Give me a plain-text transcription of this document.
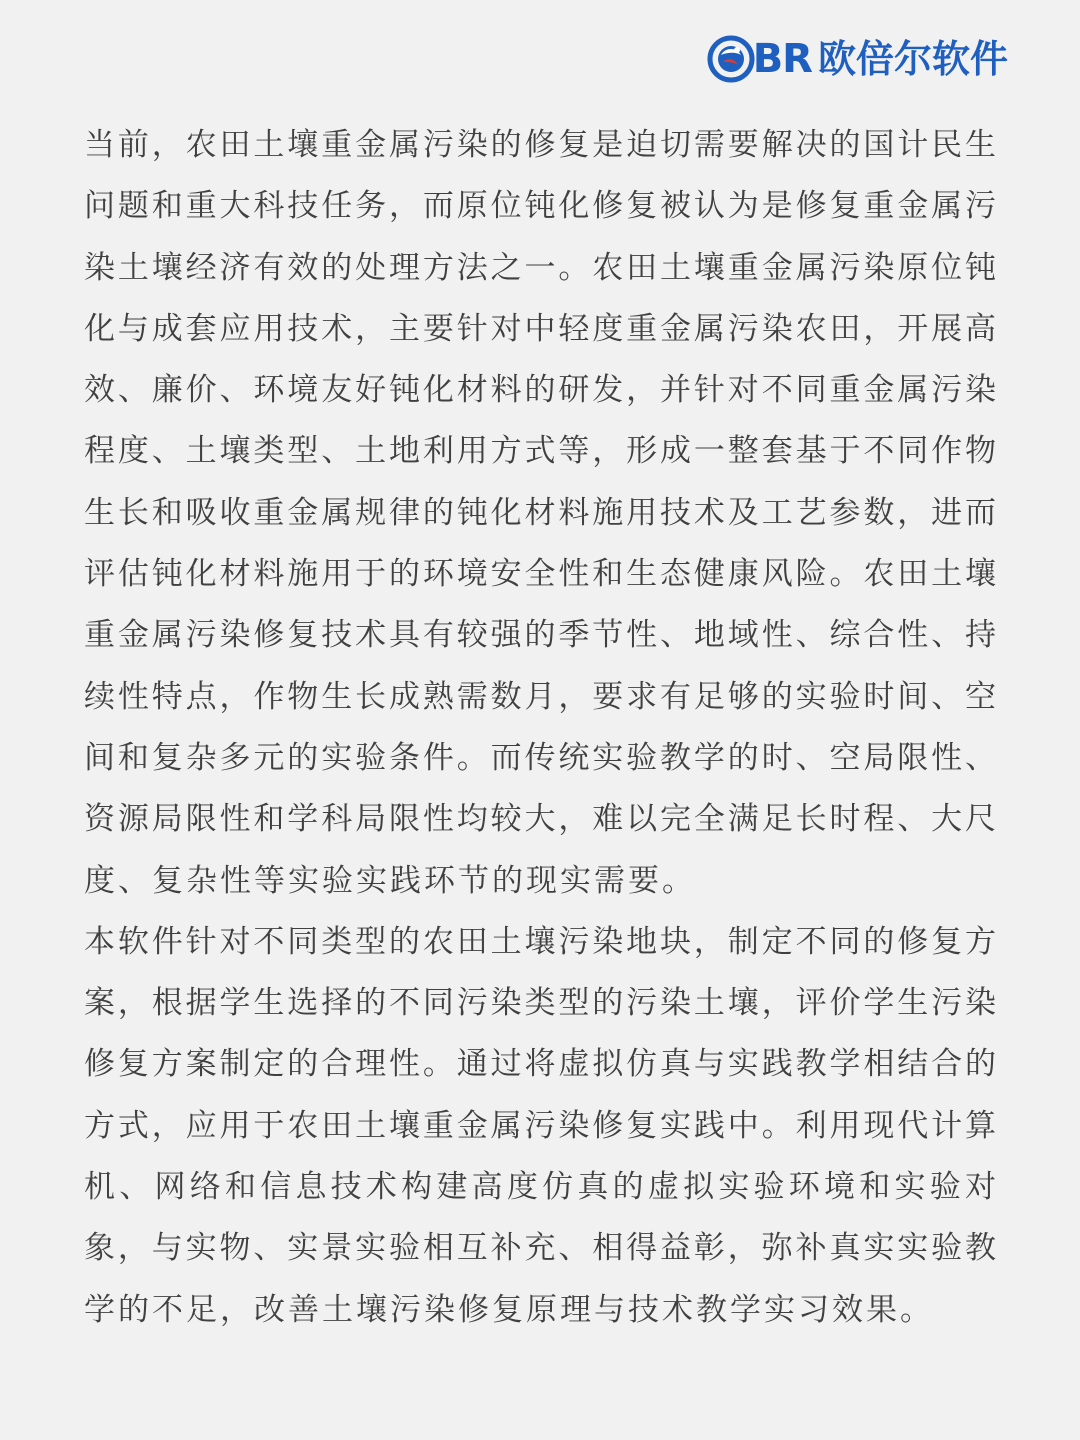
BR 欧倍尔软件
当前，农田土壤重金属污染的修复是迫切需要解决的国计民生
问题和重大科技任务，而原位钝化修复被认为是修复重金属污
染土壤经济有效的处理方法之一。农田土壤重金属污染原位钝
化与成套应用技术，主要针对中轻度重金属污染农田，开展高
效、廉价、环境友好钝化材料的研发，并针对不同重金属污染
程度、土壤类型、土地利用方式等，形成一整套基于不同作物
生长和吸收重金属规律的钝化材料施用技术及工艺参数，进而
评估钝化材料施用于的环境安全性和生态健康风险。农田土壤
重金属污染修复技术具有较强的季节性、地域性、综合性、持
续性特点，作物生长成熟需数月，要求有足够的实验时间、空
间和复杂多元的实验条件。而传统实验教学的时、空局限性、
资源局限性和学科局限性均较大，难以完全满足长时程、大尺
度、复杂性等实验实践环节的现实需要。
本软件针对不同类型的农田土壤污染地块，制定不同的修复方
案，根据学生选择的不同污染类型的污染土壤，评价学生污染
修复方案制定的合理性。通过将虚拟仿真与实践教学相结合的
方式，应用于农田土壤重金属污染修复实践中。利用现代计算
机、网络和信息技术构建高度仿真的虚拟实验环境和实验对
象，与实物、实景实验相互补充、相得益彰，弥补真实实验教
学的不足，改善土壤污染修复原理与技术教学实习效果。
